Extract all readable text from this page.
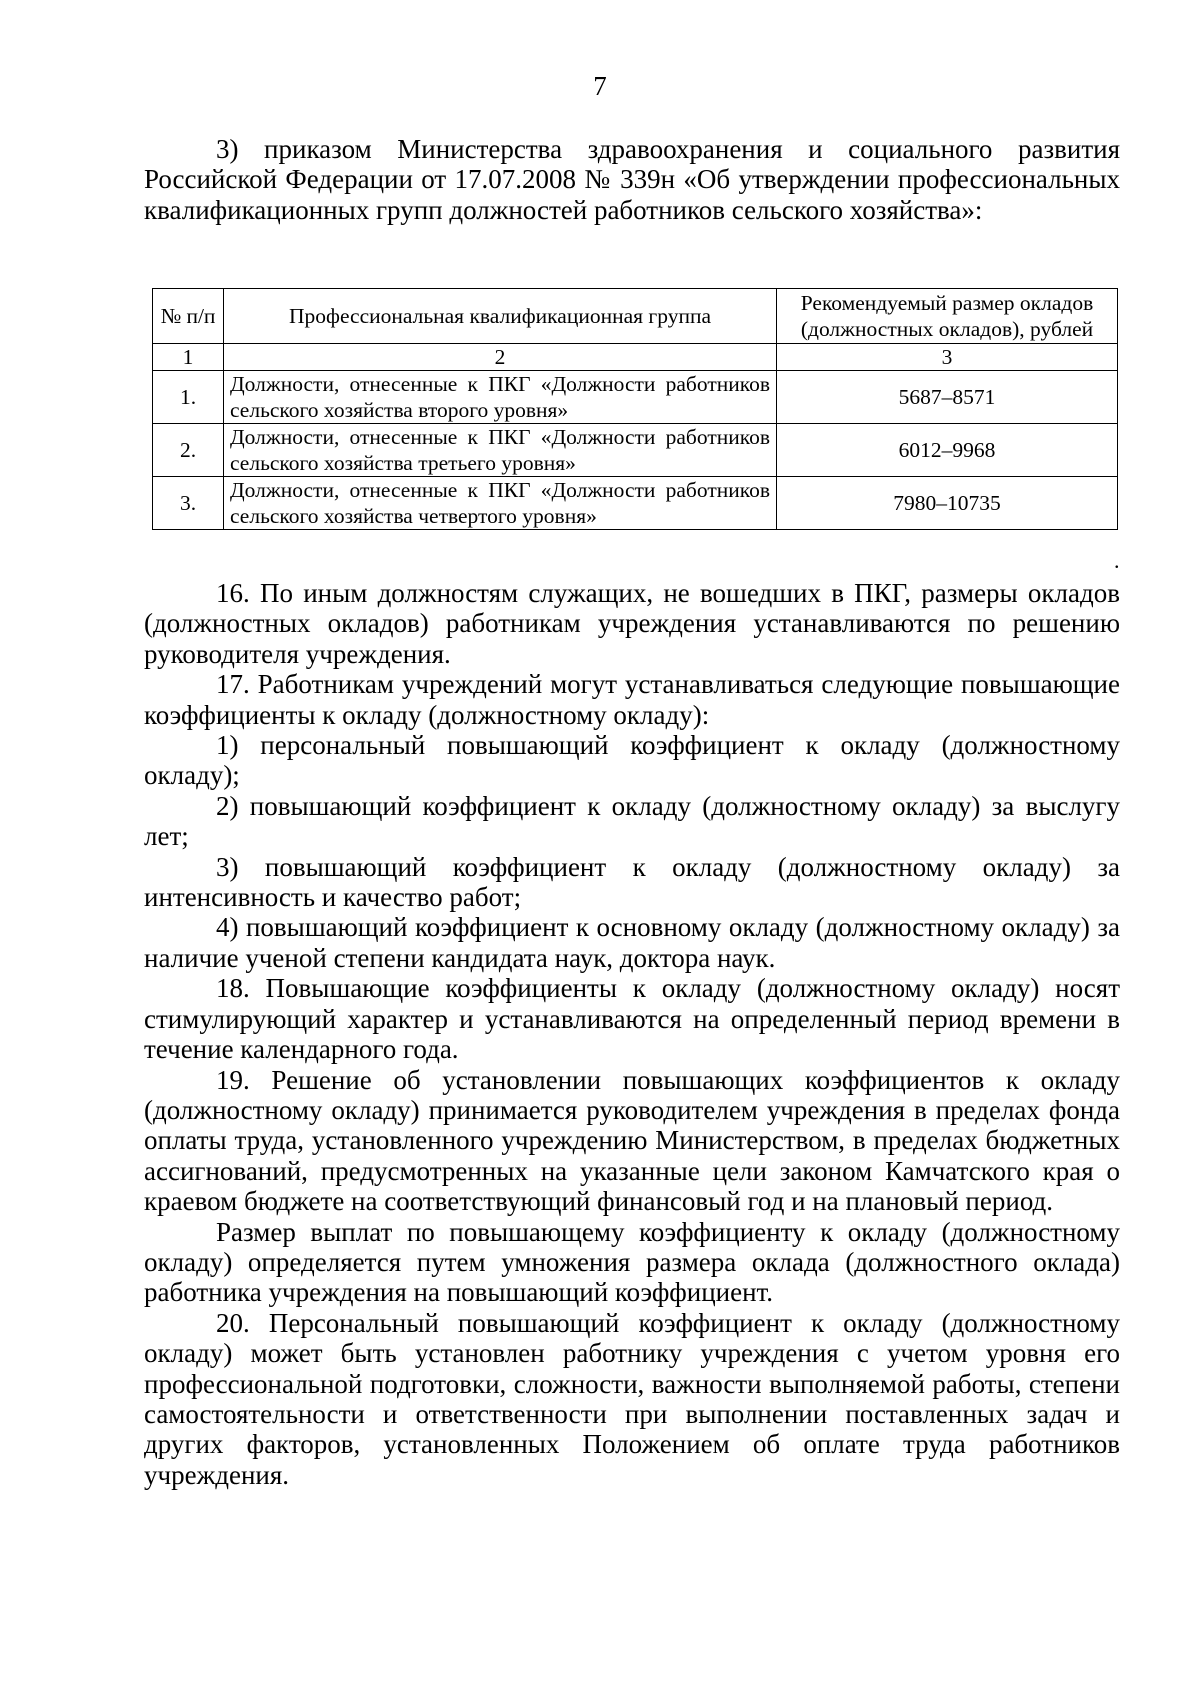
7

3) приказом Министерства здравоохранения и социального развития Российской Федерации от 17.07.2008 № 339н «Об утверждении профессиональных квалификационных групп должностей работников сельского хозяйства»:

№ п/п	Профессиональная квалификационная группа	Рекомендуемый размер окладов (должностных окладов), рублей
1	2	3
1.	Должности, отнесенные к ПКГ «Должности работников сельского хозяйства второго уровня»	5687–8571
2.	Должности, отнесенные к ПКГ «Должности работников сельского хозяйства третьего уровня»	6012–9968
3.	Должности, отнесенные к ПКГ «Должности работников сельского хозяйства четвертого уровня»	7980–10735
.

16. По иным должностям служащих, не вошедших в ПКГ, размеры окладов (должностных окладов) работникам учреждения устанавливаются по решению руководителя учреждения.

17. Работникам учреждений могут устанавливаться следующие повышающие коэффициенты к окладу (должностному окладу):

1) персональный повышающий коэффициент к окладу (должностному окладу);

2) повышающий коэффициент к окладу (должностному окладу) за выслугу лет;

3) повышающий коэффициент к окладу (должностному окладу) за интенсивность и качество работ;

4) повышающий коэффициент к основному окладу (должностному окладу) за наличие ученой степени кандидата наук, доктора наук.

18. Повышающие коэффициенты к окладу (должностному окладу) носят стимулирующий характер и устанавливаются на определенный период времени в течение календарного года.

19. Решение об установлении повышающих коэффициентов к окладу (должностному окладу) принимается руководителем учреждения в пределах фонда оплаты труда, установленного учреждению Министерством, в пределах бюджетных ассигнований, предусмотренных на указанные цели законом Камчатского края о краевом бюджете на соответствующий финансовый год и на плановый период.

Размер выплат по повышающему коэффициенту к окладу (должностному окладу) определяется путем умножения размера оклада (должностного оклада) работника учреждения на повышающий коэффициент.

20. Персональный повышающий коэффициент к окладу (должностному окладу) может быть установлен работнику учреждения с учетом уровня его профессиональной подготовки, сложности, важности выполняемой работы, степени самостоятельности и ответственности при выполнении поставленных задач и других факторов, установленных Положением об оплате труда работников учреждения.
